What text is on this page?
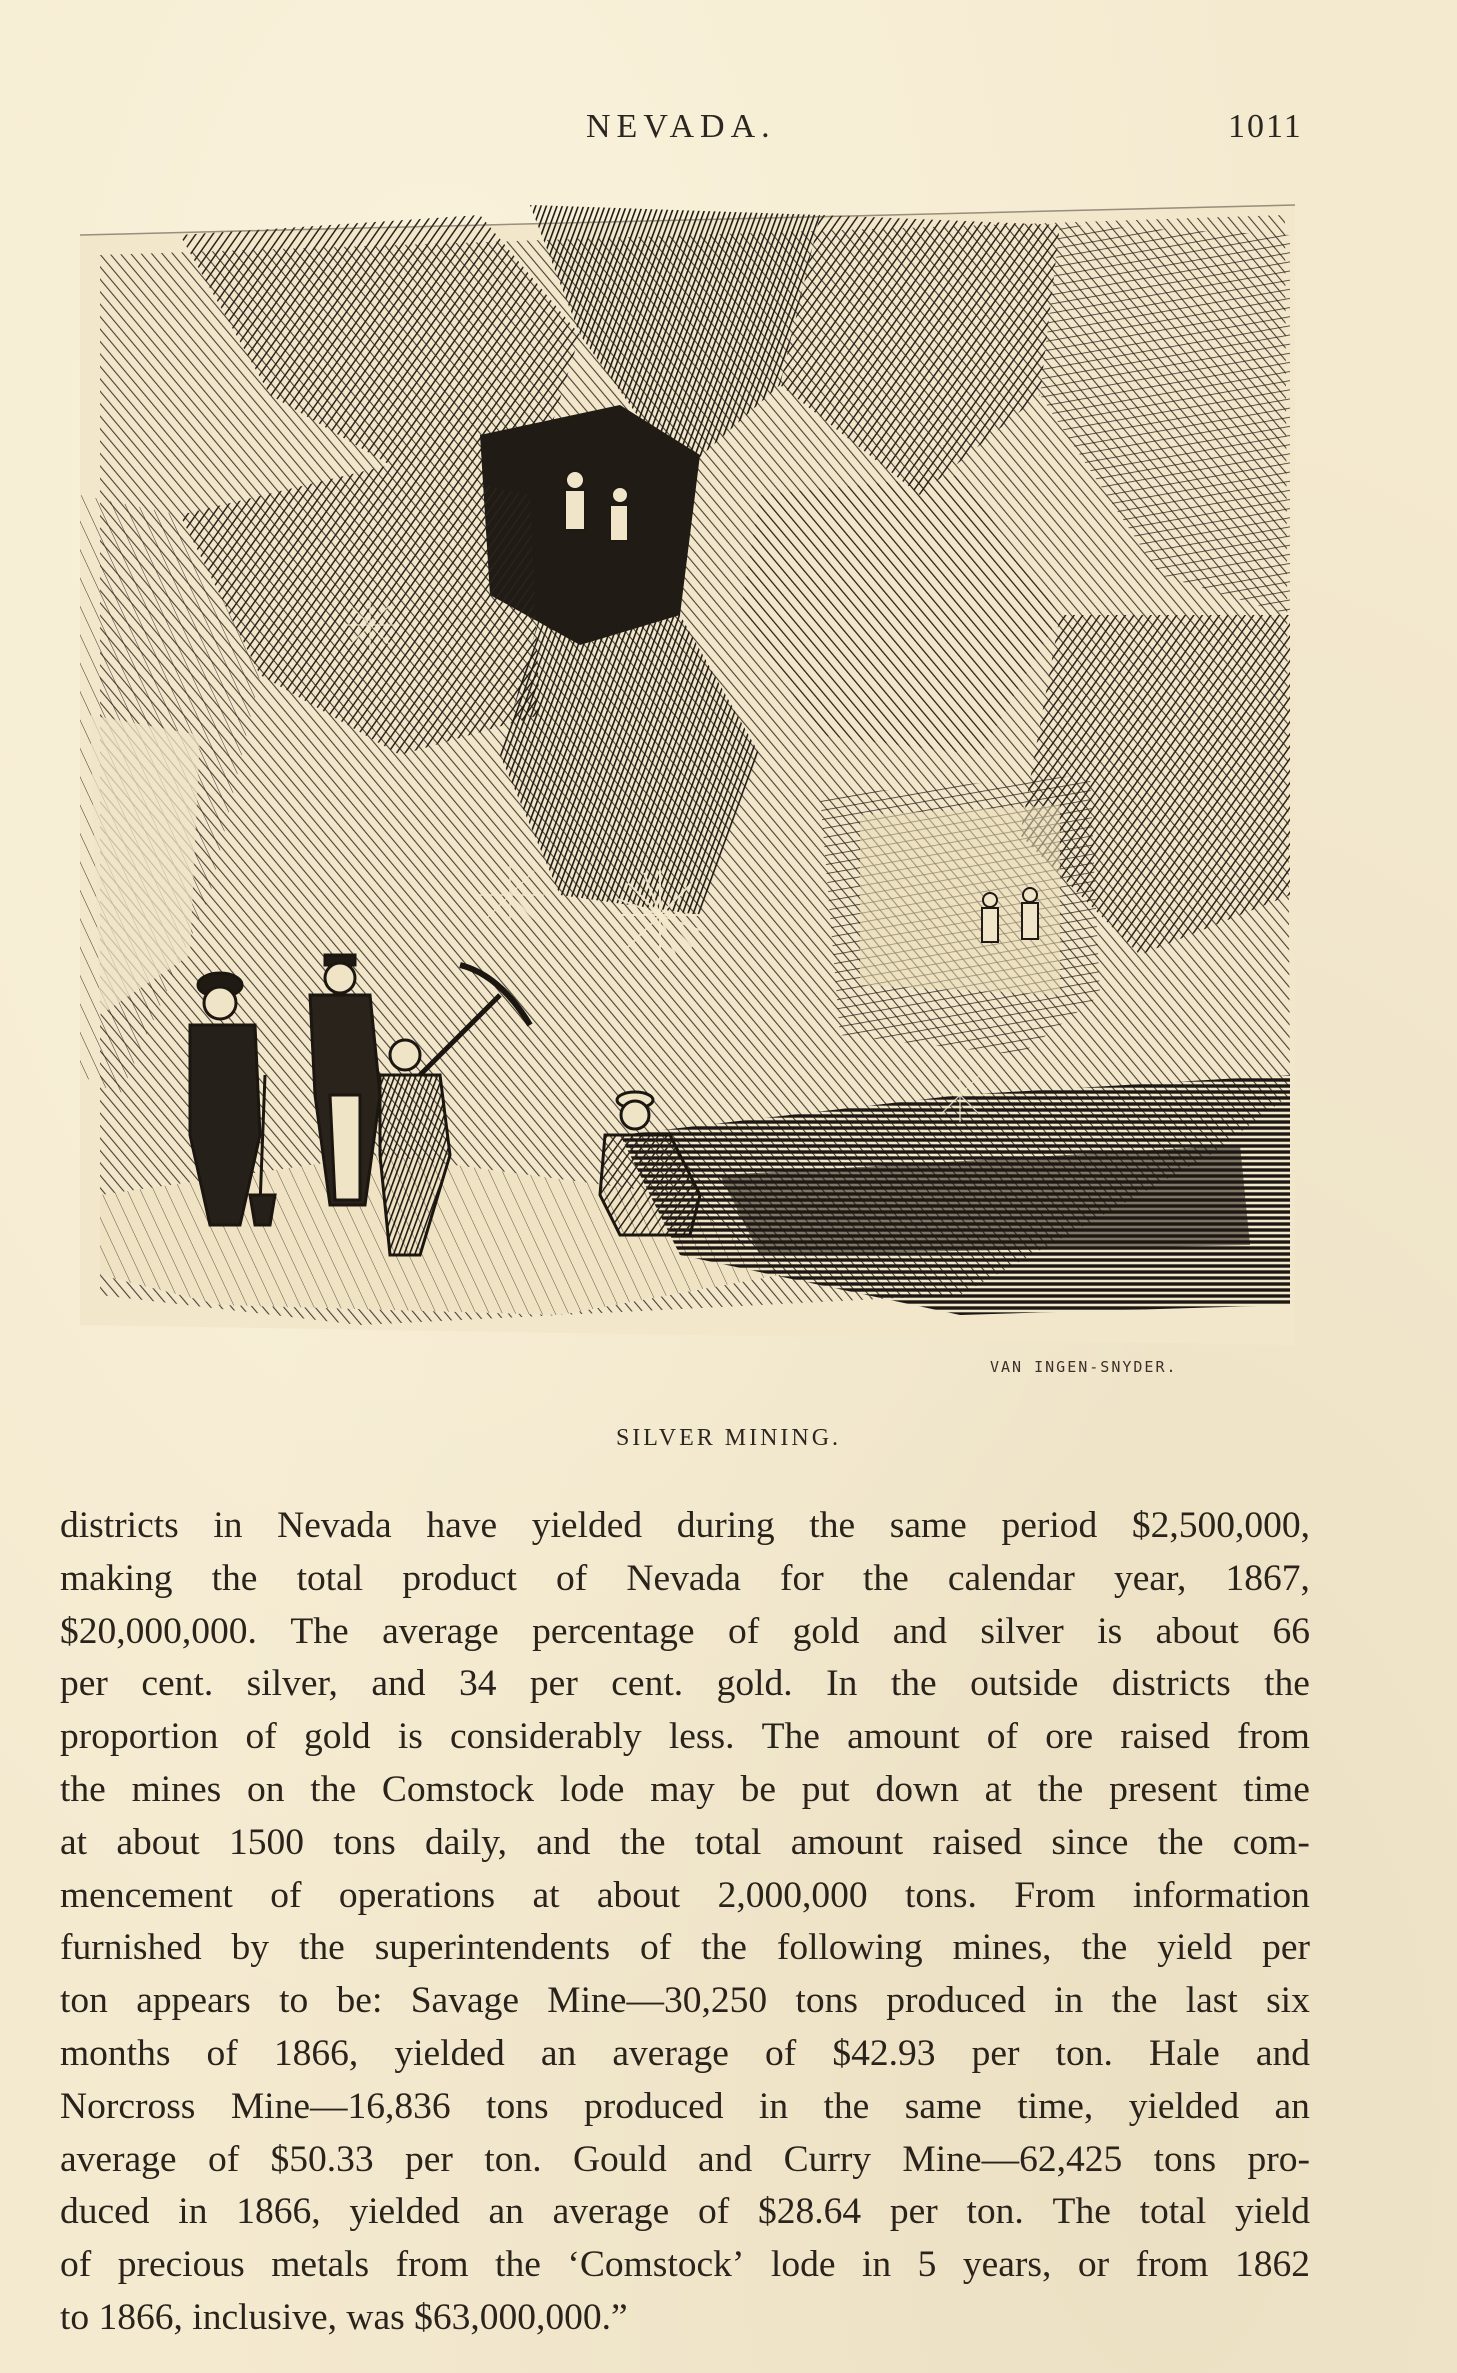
NEVADA.	1011
VAN INGEN-SNYDER.
SILVER MINING.
districts in Nevada have yielded during the same period $2,500,000,
making the total product of Nevada for the calendar year, 1867,
$20,000,000. The average percentage of gold and silver is about 66
per cent. silver, and 34 per cent. gold. In the outside districts the
proportion of gold is considerably less. The amount of ore raised from
the mines on the Comstock lode may be put down at the present time
at about 1500 tons daily, and the total amount raised since the com-
mencement of operations at about 2,000,000 tons. From information
furnished by the superintendents of the following mines, the yield per
ton appears to be: Savage Mine—30,250 tons produced in the last six
months of 1866, yielded an average of $42.93 per ton. Hale and
Norcross Mine—16,836 tons produced in the same time, yielded an
average of $50.33 per ton. Gould and Curry Mine—62,425 tons pro-
duced in 1866, yielded an average of $28.64 per ton. The total yield
of precious metals from the ‘Comstock’ lode in 5 years, or from 1862
to 1866, inclusive, was $63,000,000.”
